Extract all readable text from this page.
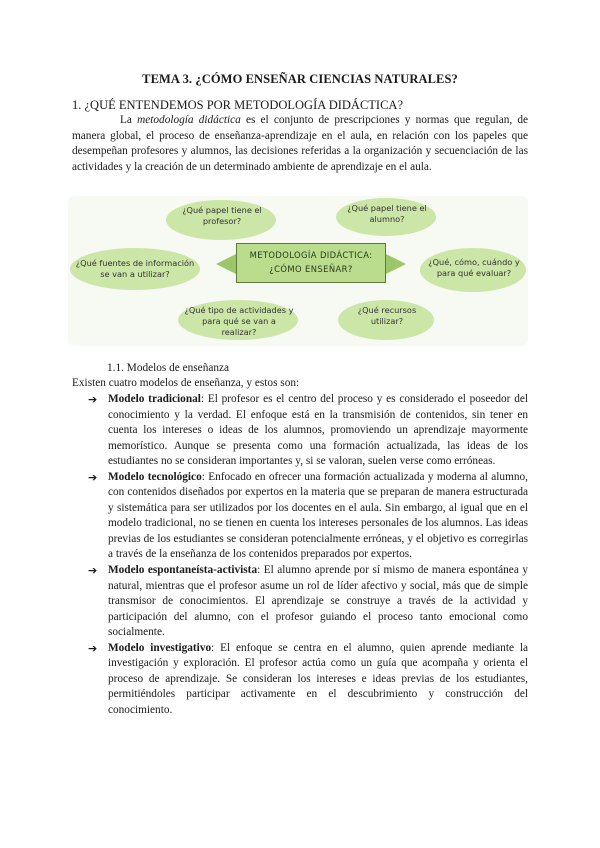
TEMA 3. ¿CÓMO ENSEÑAR CIENCIAS NATURALES?
1. ¿QUÉ ENTENDEMOS POR METODOLOGÍA DIDÁCTICA?
La metodología didáctica es el conjunto de prescripciones y normas que regulan, de manera global, el proceso de enseñanza-aprendizaje en el aula, en relación con los papeles que desempeñan profesores y alumnos, las decisiones referidas a la organización y secuenciación de las actividades y la creación de un determinado ambiente de aprendizaje en el aula.
¿Qué papel tiene el profesor?
¿Qué papel tiene el alumno?
¿Qué fuentes de información se van a utilizar?
¿Qué, cómo, cuándo y para qué evaluar?
¿Qué tipo de actividades y para qué se van a realizar?
¿Qué recursos utilizar?
METODOLOGÍA DIDÁCTICA: ¿CÓMO ENSEÑAR?
1.1. Modelos de enseñanza
Existen cuatro modelos de enseñanza, y estos son:
➔ Modelo tradicional: El profesor es el centro del proceso y es considerado el poseedor del conocimiento y la verdad. El enfoque está en la transmisión de contenidos, sin tener en cuenta los intereses o ideas de los alumnos, promoviendo un aprendizaje mayormente memorístico. Aunque se presenta como una formación actualizada, las ideas de los estudiantes no se consideran importantes y, si se valoran, suelen verse como erróneas.
➔ Modelo tecnológico: Enfocado en ofrecer una formación actualizada y moderna al alumno, con contenidos diseñados por expertos en la materia que se preparan de manera estructurada y sistemática para ser utilizados por los docentes en el aula. Sin embargo, al igual que en el modelo tradicional, no se tienen en cuenta los intereses personales de los alumnos. Las ideas previas de los estudiantes se consideran potencialmente erróneas, y el objetivo es corregirlas a través de la enseñanza de los contenidos preparados por expertos.
➔ Modelo espontaneísta-activista: El alumno aprende por sí mismo de manera espontánea y natural, mientras que el profesor asume un rol de líder afectivo y social, más que de simple transmisor de conocimientos. El aprendizaje se construye a través de la actividad y participación del alumno, con el profesor guiando el proceso tanto emocional como socialmente.
➔ Modelo investigativo: El enfoque se centra en el alumno, quien aprende mediante la investigación y exploración. El profesor actúa como un guía que acompaña y orienta el proceso de aprendizaje. Se consideran los intereses e ideas previas de los estudiantes, permitiéndoles participar activamente en el descubrimiento y construcción del conocimiento.
